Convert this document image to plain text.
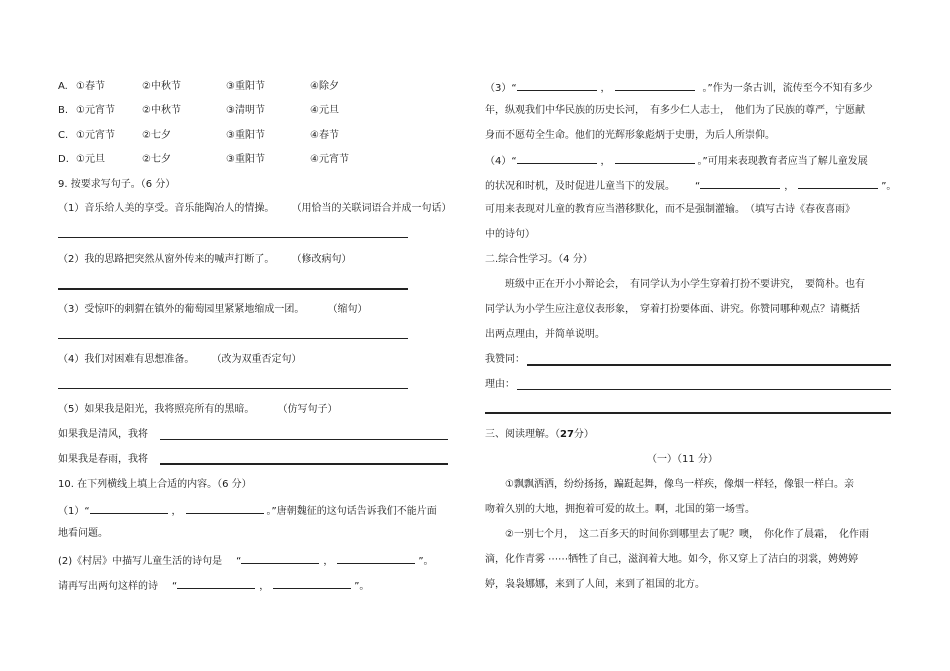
A. ①春节	②中秋节	③重阳节	④除夕
B. ①元宵节	②中秋节	③清明节	④元旦
C. ①元宵节	②七夕	③重阳节	④春节
D. ①元旦	②七夕	③重阳节	④元宵节
9. 按要求写句子。（6 分）
（1）音乐给人美的享受。音乐能陶冶人的情操。 （用恰当的关联词语合并成一句话）
（2）我的思路把突然从窗外传来的喊声打断了。 （修改病句）
（3）受惊吓的刺猬在镇外的葡萄园里紧紧地缩成一团。 （缩句）
（4）我们对困难有思想准备。 （改为双重否定句）
（5）如果我是阳光，我将照亮所有的黑暗。 （仿写句子）
如果我是清风，我将
如果我是春雨，我将
10. 在下列横线上填上合适的内容。（6 分）
（1）“	，	。”唐朝魏征的这句话告诉我们不能片面
地看问题。
(2)《村居》中描写儿童生活的诗句是 “	，	”。
请再写出两句这样的诗 “	，	”。
（3）“	，	。”作为一条古训，流传至今不知有多少
年，纵观我们中华民族的历史长河，　有多少仁人志士，　他们为了民族的尊严，宁愿献
身而不愿苟全生命。他们的光辉形象彪炳于史册，为后人所崇仰。
（4）“	，	。”可用来表现教育者应当了解儿童发展
的状况和时机，及时促进儿童当下的发展。 “	，	”。
可用来表现对儿童的教育应当潜移默化，而不是强制灌输。　（填写古诗《春夜喜雨》
中的诗句）
二.综合性学习。（4 分）
班级中正在开小小辩论会，　有同学认为小学生穿着打扮不要讲究，　要简朴。也有
同学认为小学生应注意仪表形象，　穿着打扮要体面、讲究。你赞同哪种观点？请概括
出两点理由，并简单说明。
我赞同：
理由：
三、阅读理解。（27分）
（一）（11 分）
①飘飘洒洒，纷纷扬扬，蹁跹起舞，像鸟一样疾，像烟一样轻，像银一样白。亲
吻着久别的大地，拥抱着可爱的故土。啊，北国的第一场雪。
②一别七个月，　这二百多天的时间你到哪里去了呢？噢，　你化作了晨霜，　化作雨
滴，化作青雾 ⋯⋯牺牲了自己，滋润着大地。如今，你又穿上了洁白的羽裳，娉娉婷
婷，袅袅娜娜，来到了人间，来到了祖国的北方。
